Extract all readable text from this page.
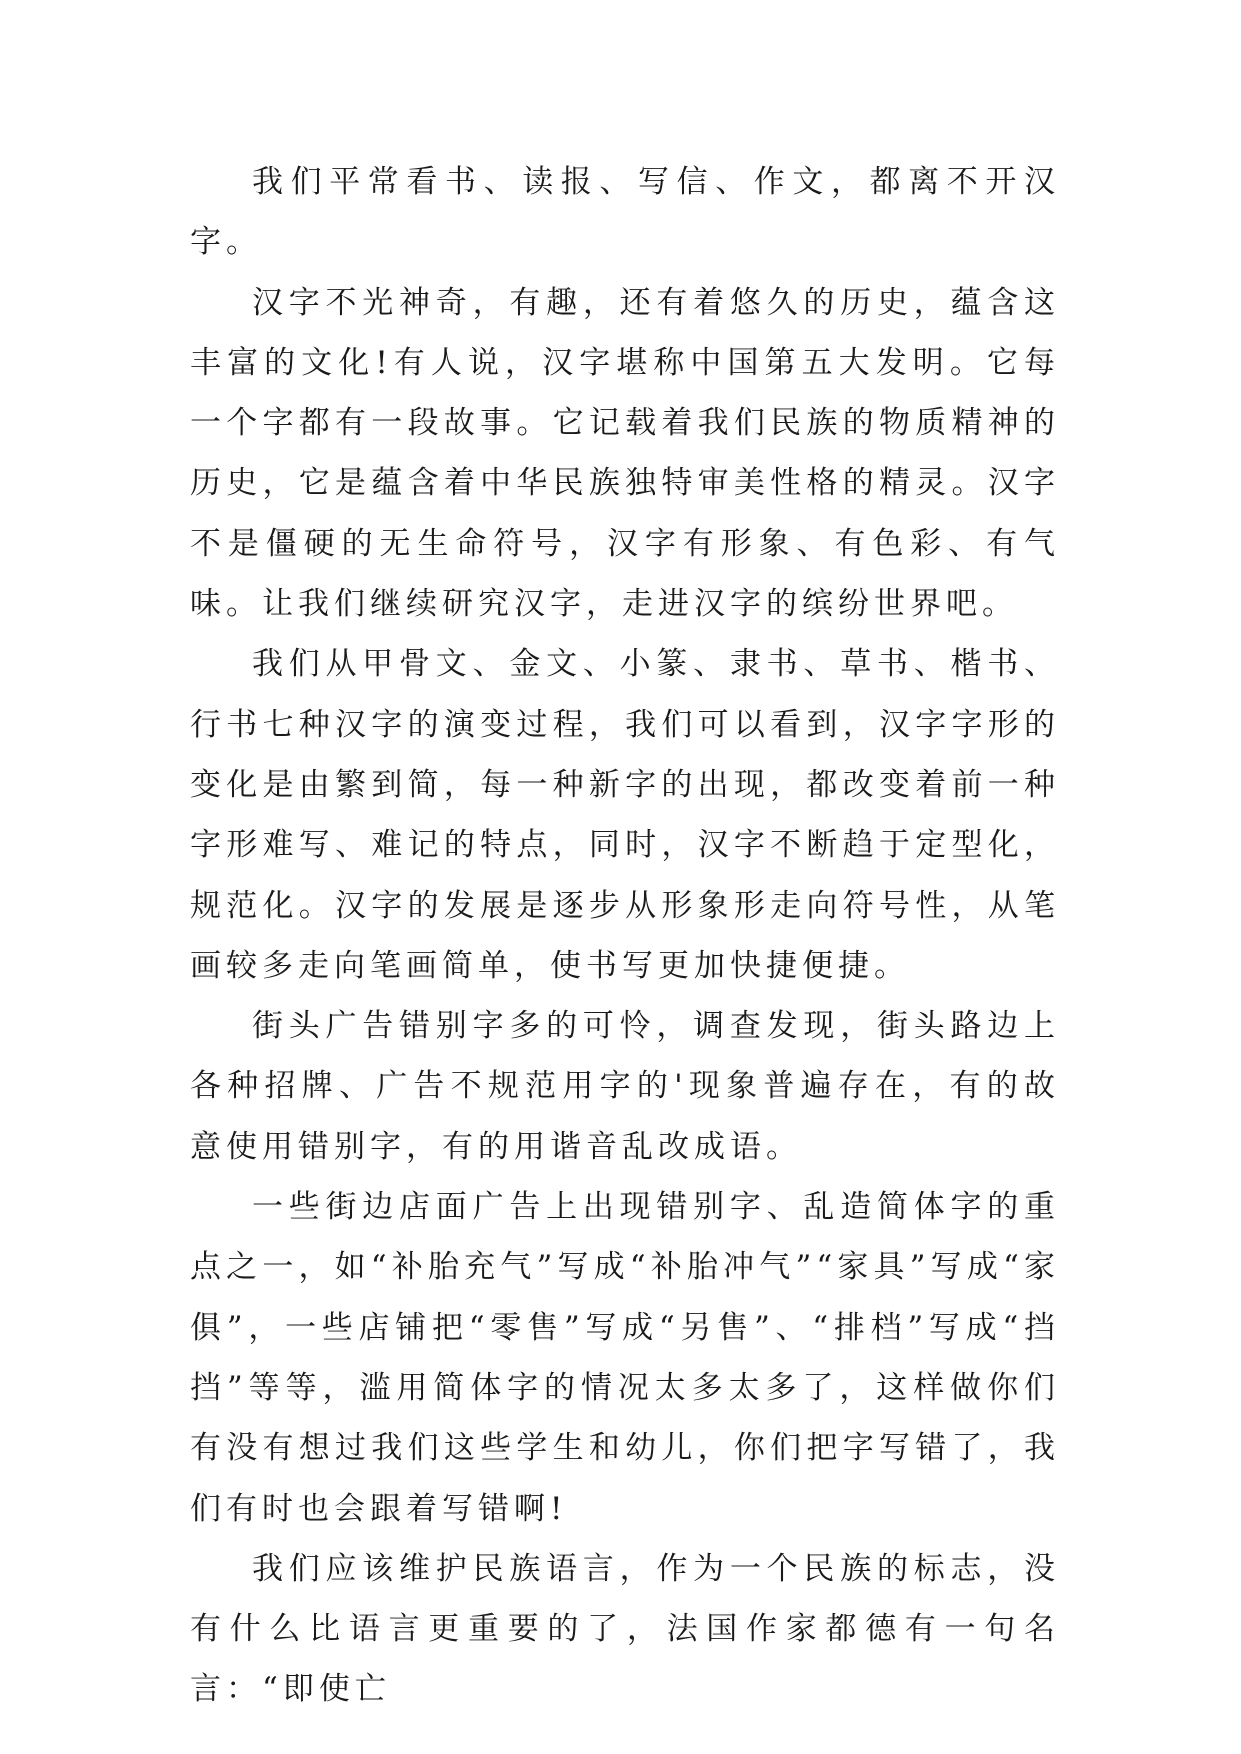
我们平常看书、读报、写信、作文，都离不开汉字。

汉字不光神奇，有趣，还有着悠久的历史，蕴含这丰富的文化!有人说，汉字堪称中国第五大发明。它每一个字都有一段故事。它记载着我们民族的物质精神的历史，它是蕴含着中华民族独特审美性格的精灵。汉字不是僵硬的无生命符号，汉字有形象、有色彩、有气味。让我们继续研究汉字，走进汉字的缤纷世界吧。

我们从甲骨文、金文、小篆、隶书、草书、楷书、行书七种汉字的演变过程，我们可以看到，汉字字形的变化是由繁到简，每一种新字的出现，都改变着前一种字形难写、难记的特点，同时，汉字不断趋于定型化，规范化。汉字的发展是逐步从形象形走向符号性，从笔画较多走向笔画简单，使书写更加快捷便捷。

街头广告错别字多的可怜，调查发现，街头路边上各种招牌、广告不规范用字的'现象普遍存在，有的故意使用错别字，有的用谐音乱改成语。

一些街边店面广告上出现错别字、乱造简体字的重点之一，如“补胎充气”写成“补胎冲气”“家具”写成“家俱”，一些店铺把“零售”写成“另售”、“排档”写成“挡挡”等等，滥用简体字的情况太多太多了，这样做你们有没有想过我们这些学生和幼儿，你们把字写错了，我们有时也会跟着写错啊!

我们应该维护民族语言，作为一个民族的标志，没有什么比语言更重要的了，法国作家都德有一句名言：“即使亡
